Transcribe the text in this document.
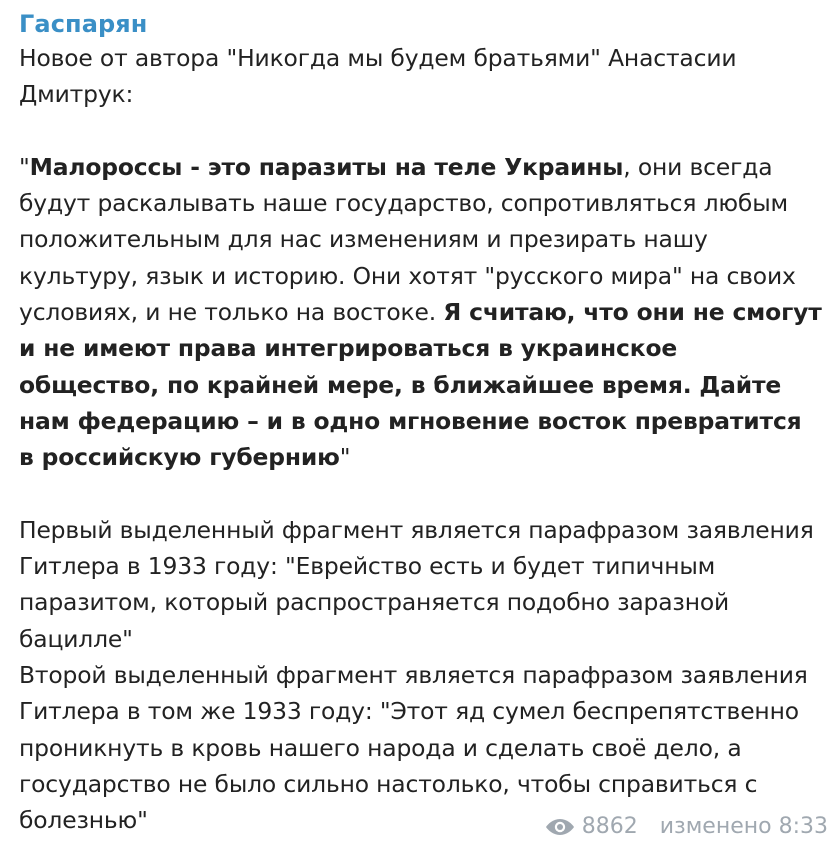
Гаспарян

Новое от автора "Никогда мы будем братьями" Анастасии Дмитрук:

"Малороссы - это паразиты на теле Украины, они всегда будут раскалывать наше государство, сопротивляться любым положительным для нас изменениям и презирать нашу культуру, язык и историю. Они хотят "русского мира" на своих условиях, и не только на востоке. Я считаю, что они не смогут и не имеют права интегрироваться в украинское общество, по крайней мере, в ближайшее время. Дайте нам федерацию – и в одно мгновение восток превратится в российскую губернию"

Первый выделенный фрагмент является парафразом заявления Гитлера в 1933 году: "Еврейство есть и будет типичным паразитом, который распространяется подобно заразной бацилле"

Второй выделенный фрагмент является парафразом заявления Гитлера в том же 1933 году: "Этот яд сумел беспрепятственно проникнуть в кровь нашего народа и сделать своё дело, а государство не было сильно настолько, чтобы справиться с болезнью"	8862 изменено 8:33
